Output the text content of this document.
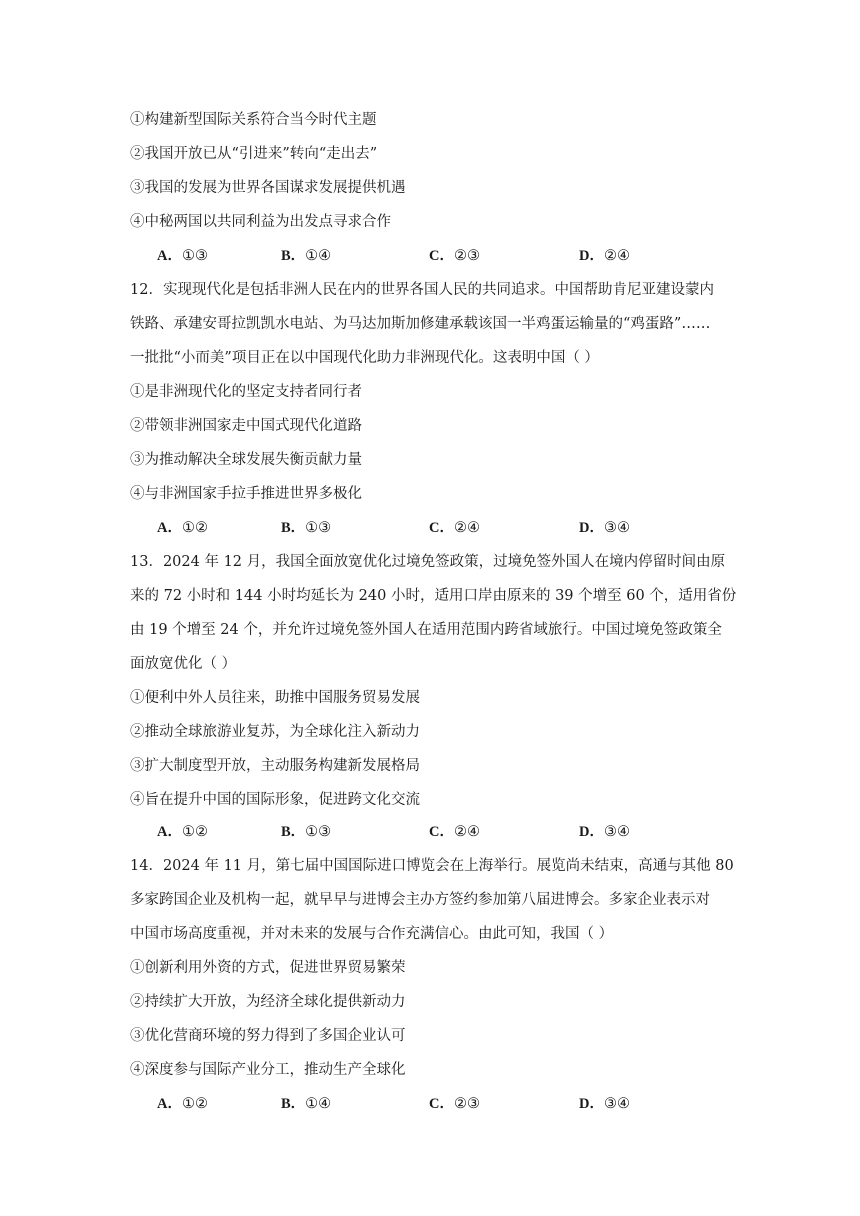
①构建新型国际关系符合当今时代主题
②我国开放已从“引进来”转向“走出去”
③我国的发展为世界各国谋求发展提供机遇
④中秘两国以共同利益为出发点寻求合作
A．①③	B．①④	C．②③	D．②④
12．实现现代化是包括非洲人民在内的世界各国人民的共同追求。中国帮助肯尼亚建设蒙内
铁路、承建安哥拉凯凯水电站、为马达加斯加修建承载该国一半鸡蛋运输量的“鸡蛋路”……
一批批“小而美”项目正在以中国现代化助力非洲现代化。这表明中国（ ）
①是非洲现代化的坚定支持者同行者
②带领非洲国家走中国式现代化道路
③为推动解决全球发展失衡贡献力量
④与非洲国家手拉手推进世界多极化
A．①②	B．①③	C．②④	D．③④
13．2024 年 12 月，我国全面放宽优化过境免签政策，过境免签外国人在境内停留时间由原
来的 72 小时和 144 小时均延长为 240 小时，适用口岸由原来的 39 个增至 60 个，适用省份
由 19 个增至 24 个，并允许过境免签外国人在适用范围内跨省域旅行。中国过境免签政策全
面放宽优化（ ）
①便利中外人员往来，助推中国服务贸易发展
②推动全球旅游业复苏，为全球化注入新动力
③扩大制度型开放，主动服务构建新发展格局
④旨在提升中国的国际形象，促进跨文化交流
A．①②	B．①③	C．②④	D．③④
14．2024 年 11 月，第七届中国国际进口博览会在上海举行。展览尚未结束，高通与其他 80
多家跨国企业及机构一起，就早早与进博会主办方签约参加第八届进博会。多家企业表示对
中国市场高度重视，并对未来的发展与合作充满信心。由此可知，我国（ ）
①创新利用外资的方式，促进世界贸易繁荣
②持续扩大开放，为经济全球化提供新动力
③优化营商环境的努力得到了多国企业认可
④深度参与国际产业分工，推动生产全球化
A．①②	B．①④	C．②③	D．③④
